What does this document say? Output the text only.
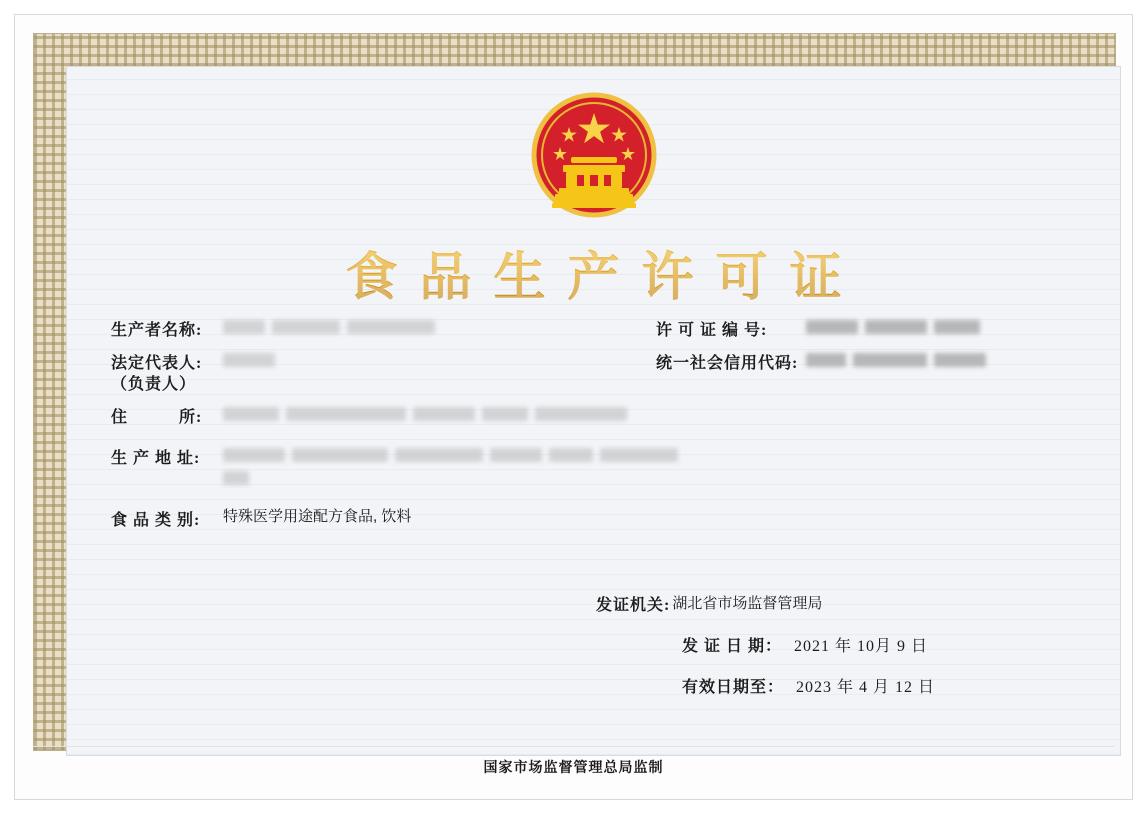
食品生产许可证
生产者名称:	许 可 证 编 号:
法定代表人:	统一社会信用代码:
（负责人）
住　　　所:
生 产 地 址:

食 品 类 别:	特殊医学用途配方食品, 饮料
发证机关: 湖北省市场监督管理局
发 证 日 期： 2021 年 10月 9 日
有效日期至： 2023 年 4 月 12 日
国家市场监督管理总局监制
